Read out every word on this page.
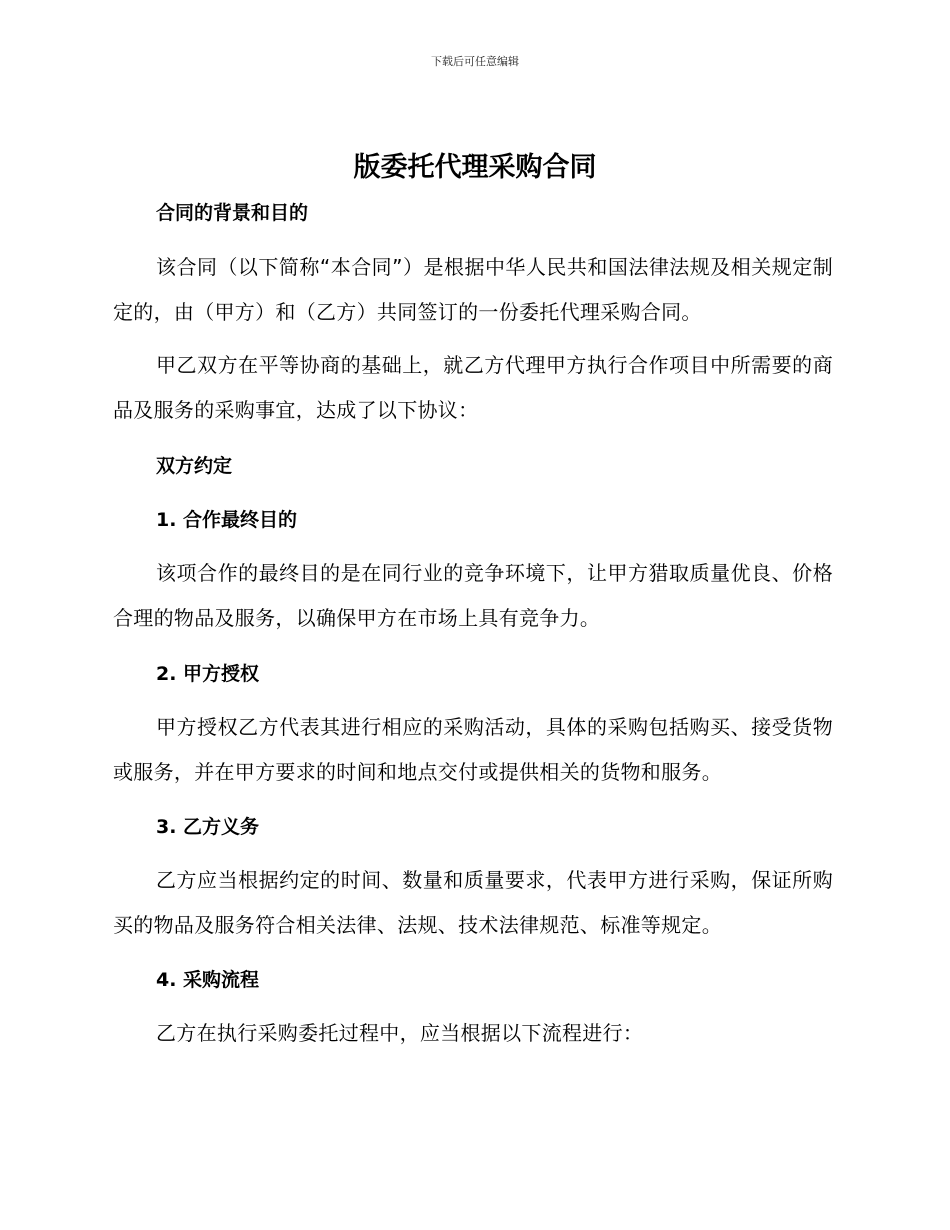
下载后可任意编辑
版委托代理采购合同
合同的背景和目的

该合同（以下简称“本合同”）是根据中华人民共和国法律法规及相关规定制定的，由（甲方）和（乙方）共同签订的一份委托代理采购合同。

甲乙双方在平等协商的基础上，就乙方代理甲方执行合作项目中所需要的商品及服务的采购事宜，达成了以下协议：

双方约定
1. 合作最终目的

该项合作的最终目的是在同行业的竞争环境下，让甲方猎取质量优良、价格合理的物品及服务，以确保甲方在市场上具有竞争力。

2. 甲方授权

甲方授权乙方代表其进行相应的采购活动，具体的采购包括购买、接受货物或服务，并在甲方要求的时间和地点交付或提供相关的货物和服务。

3. 乙方义务

乙方应当根据约定的时间、数量和质量要求，代表甲方进行采购，保证所购买的物品及服务符合相关法律、法规、技术法律规范、标准等规定。

4. 采购流程

乙方在执行采购委托过程中，应当根据以下流程进行：
